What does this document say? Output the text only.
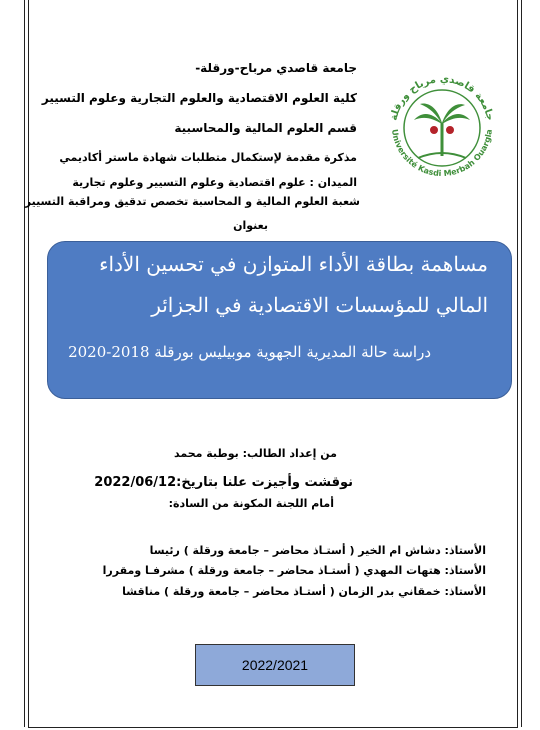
جامعة قاصدي مرباح-ورقلة-
كلية العلوم الاقتصادية والعلوم التجارية وعلوم التسيير
قسم العلوم المالية والمحاسبية
مذكرة مقدمة لإستكمال متطلبات شهادة ماستر أكاديمي
الميدان : علوم اقتصادية وعلوم التسيير وعلوم تجارية
شعبة العلوم المالية و المحاسبة تخصص تدقيق ومراقبة التسيير
بعنوان
جامعة قاصدي مرباح ورقلة
Université Kasdi Merbah Ouargla
مساهمة بطاقة الأداء المتوازن في تحسين الأداء
المالي للمؤسسات الاقتصادية في الجزائر
دراسة حالة المديرية الجهوية موبيليس بورقلة 2018-2020
من إعداد الطالب: بوطبة محمد
نوقشت وأجيزت علنا بتاريخ:2022/06/12
أمام اللجنة المكونة من السادة:
الأستاذ: دشاش ام الخير ( أستـاذ محاضر – جامعة ورقلة ) رئيسا
الأستاذ: هتهات المهدي ( أستـاذ محاضر – جامعة ورقلة ) مشرفـا ومقررا
الأستاذ: خمقاني بدر الزمان ( أستـاذ محاضر – جامعة ورقلة ) مناقشا
2022/2021
